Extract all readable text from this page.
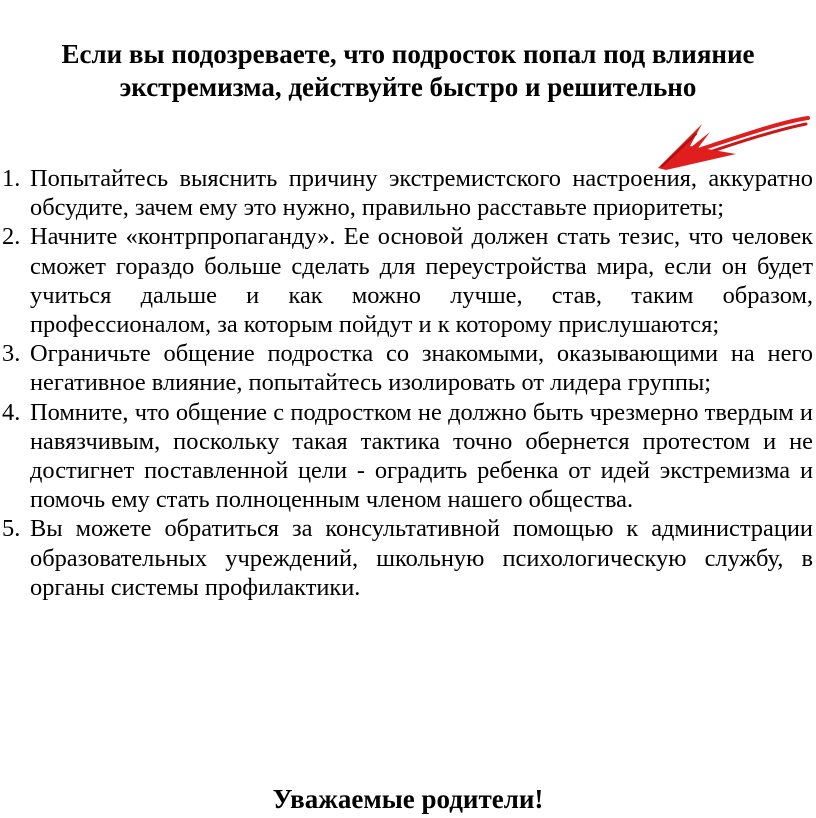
Если вы подозреваете, что подросток попал под влияние
экстремизма, действуйте быстро и решительно
1. Попытайтесь выяснить причину экстремистского настроения, аккуратно обсудите, зачем ему это нужно, правильно расставьте приоритеты;
2. Начните «контрпропаганду». Ее основой должен стать тезис, что человек сможет гораздо больше сделать для переустройства мира, если он будет учиться дальше и как можно лучше, став, таким образом, профессионалом, за которым пойдут и к которому прислушаются;
3. Ограничьте общение подростка со знакомыми, оказывающими на него негативное влияние, попытайтесь изолировать от лидера группы;
4. Помните, что общение с подростком не должно быть чрезмерно твердым и навязчивым, поскольку такая тактика точно обернется протестом и не достигнет поставленной цели - оградить ребенка от идей экстремизма и помочь ему стать полноценным членом нашего общества.
5. Вы можете обратиться за консультативной помощью к администрации образовательных учреждений, школьную психологическую службу, в органы системы профилактики.
Уважаемые родители!
